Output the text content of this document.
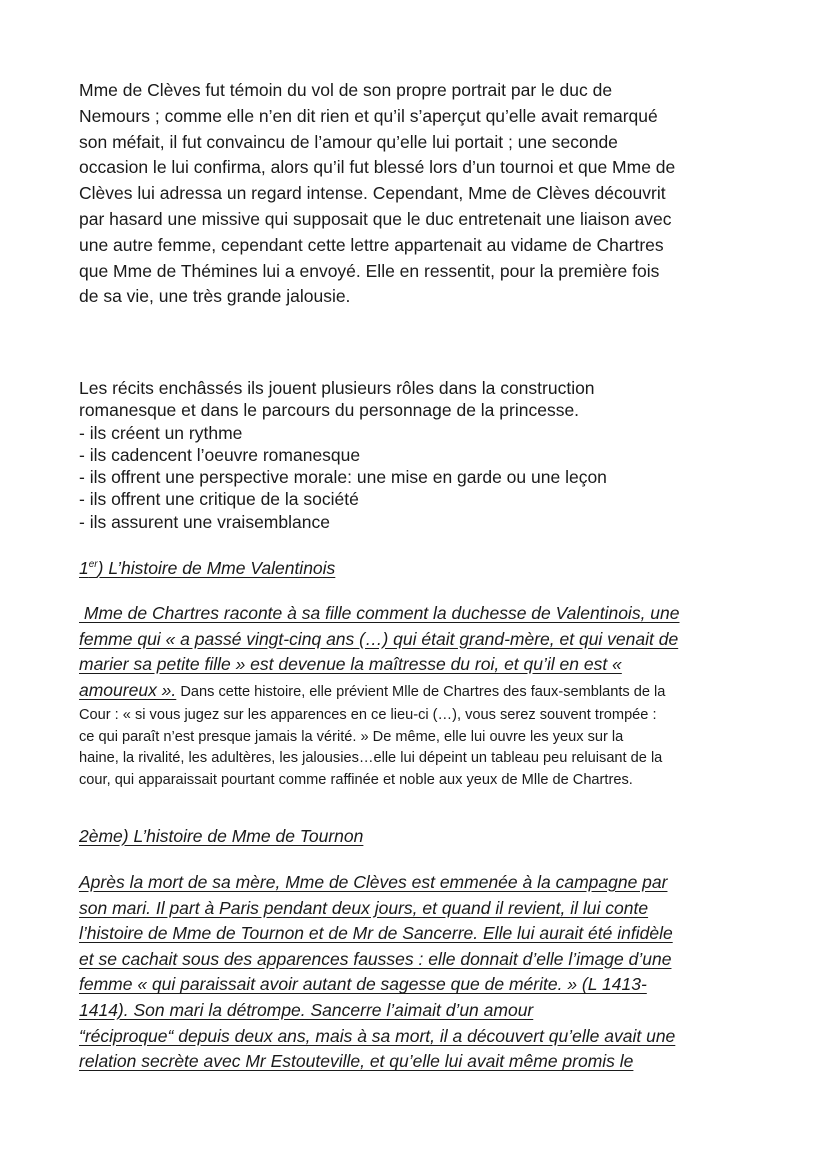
Mme de Clèves fut témoin du vol de son propre portrait par le duc de
Nemours ; comme elle n’en dit rien et qu’il s’aperçut qu’elle avait remarqué
son méfait, il fut convaincu de l’amour qu’elle lui portait ; une seconde
occasion le lui confirma, alors qu’il fut blessé lors d’un tournoi et que Mme de
Clèves lui adressa un regard intense. Cependant, Mme de Clèves découvrit
par hasard une missive qui supposait que le duc entretenait une liaison avec
une autre femme, cependant cette lettre appartenait au vidame de Chartres
que Mme de Thémines lui a envoyé. Elle en ressentit, pour la première fois
de sa vie, une très grande jalousie.

Les récits enchâssés ils jouent plusieurs rôles dans la construction
romanesque et dans le parcours du personnage de la princesse.
- ils créent un rythme
- ils cadencent l’oeuvre romanesque
- ils offrent une perspective morale: une mise en garde ou une leçon
- ils offrent une critique de la société
- ils assurent une vraisemblance

1er) L’histoire de Mme Valentinois

Mme de Chartres raconte à sa fille comment la duchesse de Valentinois, une
femme qui « a passé vingt-cinq ans (…) qui était grand-mère, et qui venait de
marier sa petite fille » est devenue la maîtresse du roi, et qu’il en est «
amoureux ». Dans cette histoire, elle prévient Mlle de Chartres des faux-semblants de la
Cour : « si vous jugez sur les apparences en ce lieu-ci (…), vous serez souvent trompée :
ce qui paraît n’est presque jamais la vérité. » De même, elle lui ouvre les yeux sur la
haine, la rivalité, les adultères, les jalousies…elle lui dépeint un tableau peu reluisant de la
cour, qui apparaissait pourtant comme raffinée et noble aux yeux de Mlle de Chartres.

2ème) L’histoire de Mme de Tournon

Après la mort de sa mère, Mme de Clèves est emmenée à la campagne par
son mari. Il part à Paris pendant deux jours, et quand il revient, il lui conte
l’histoire de Mme de Tournon et de Mr de Sancerre. Elle lui aurait été infidèle
et se cachait sous des apparences fausses : elle donnait d’elle l’image d’une
femme « qui paraissait avoir autant de sagesse que de mérite. » (L 1413-
1414). Son mari la détrompe. Sancerre l’aimait d’un amour
“réciproque“ depuis deux ans, mais à sa mort, il a découvert qu’elle avait une
relation secrète avec Mr Estouteville, et qu’elle lui avait même promis le
